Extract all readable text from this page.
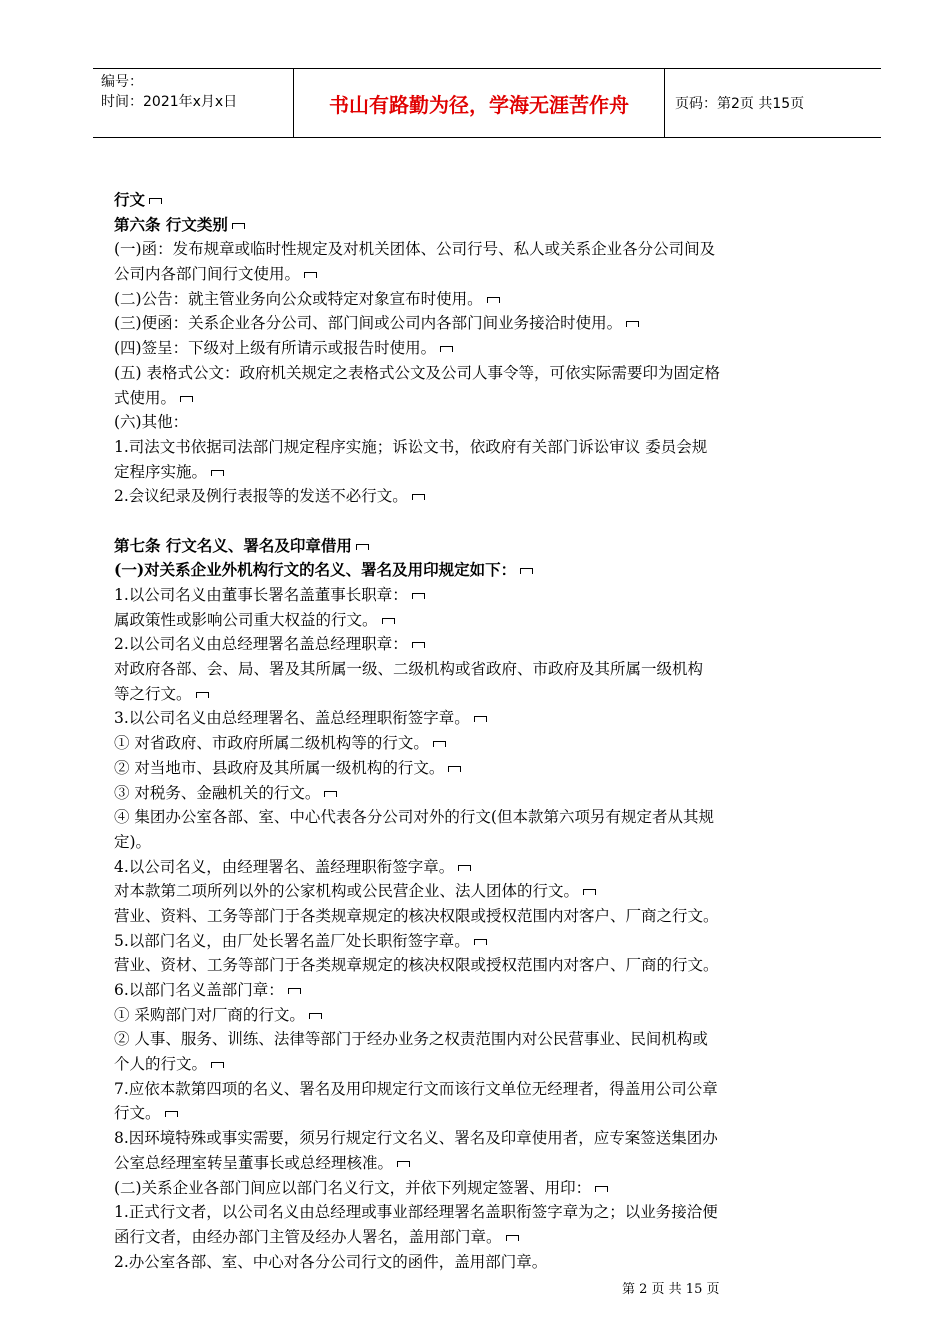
编号：
时间：2021年x月x日	书山有路勤为径，学海无涯苦作舟	页码：第2页 共15页
行文
第六条 行文类别
(一)函：发布规章或临时性规定及对机关团体、公司行号、私人或关系企业各分公司间及
公司内各部门间行文使用。
(二)公告：就主管业务向公众或特定对象宣布时使用。
(三)便函：关系企业各分公司、部门间或公司内各部门间业务接洽时使用。
(四)签呈：下级对上级有所请示或报告时使用。
(五) 表格式公文：政府机关规定之表格式公文及公司人事令等，可依实际需要印为固定格
式使用。
(六)其他：
1.司法文书依据司法部门规定程序实施；诉讼文书，依政府有关部门诉讼审议 委员会规
定程序实施。
2.会议纪录及例行表报等的发送不必行文。
第七条 行文名义、署名及印章借用
(一)对关系企业外机构行文的名义、署名及用印规定如下：
1.以公司名义由董事长署名盖董事长职章：
属政策性或影响公司重大权益的行文。
2.以公司名义由总经理署名盖总经理职章：
对政府各部、会、局、署及其所属一级、二级机构或省政府、市政府及其所属一级机构
等之行文。
3.以公司名义由总经理署名、盖总经理职衔签字章。
① 对省政府、市政府所属二级机构等的行文。
② 对当地市、县政府及其所属一级机构的行文。
③ 对税务、金融机关的行文。
④ 集团办公室各部、室、中心代表各分公司对外的行文(但本款第六项另有规定者从其规
定)。
4.以公司名义，由经理署名、盖经理职衔签字章。
对本款第二项所列以外的公家机构或公民营企业、法人团体的行文。
营业、资料、工务等部门于各类规章规定的核决权限或授权范围内对客户、厂商之行文。
5.以部门名义，由厂处长署名盖厂处长职衔签字章。
营业、资材、工务等部门于各类规章规定的核决权限或授权范围内对客户、厂商的行文。
6.以部门名义盖部门章：
① 采购部门对厂商的行文。
② 人事、服务、训练、法律等部门于经办业务之权责范围内对公民营事业、民间机构或
个人的行文。
7.应依本款第四项的名义、署名及用印规定行文而该行文单位无经理者，得盖用公司公章
行文。
8.因环境特殊或事实需要，须另行规定行文名义、署名及印章使用者，应专案签送集团办
公室总经理室转呈董事长或总经理核准。
(二)关系企业各部门间应以部门名义行文，并依下列规定签署、用印：
1.正式行文者，以公司名义由总经理或事业部经理署名盖职衔签字章为之；以业务接洽便
函行文者，由经办部门主管及经办人署名，盖用部门章。
2.办公室各部、室、中心对各分公司行文的函件，盖用部门章。
第 2 页 共 15 页
